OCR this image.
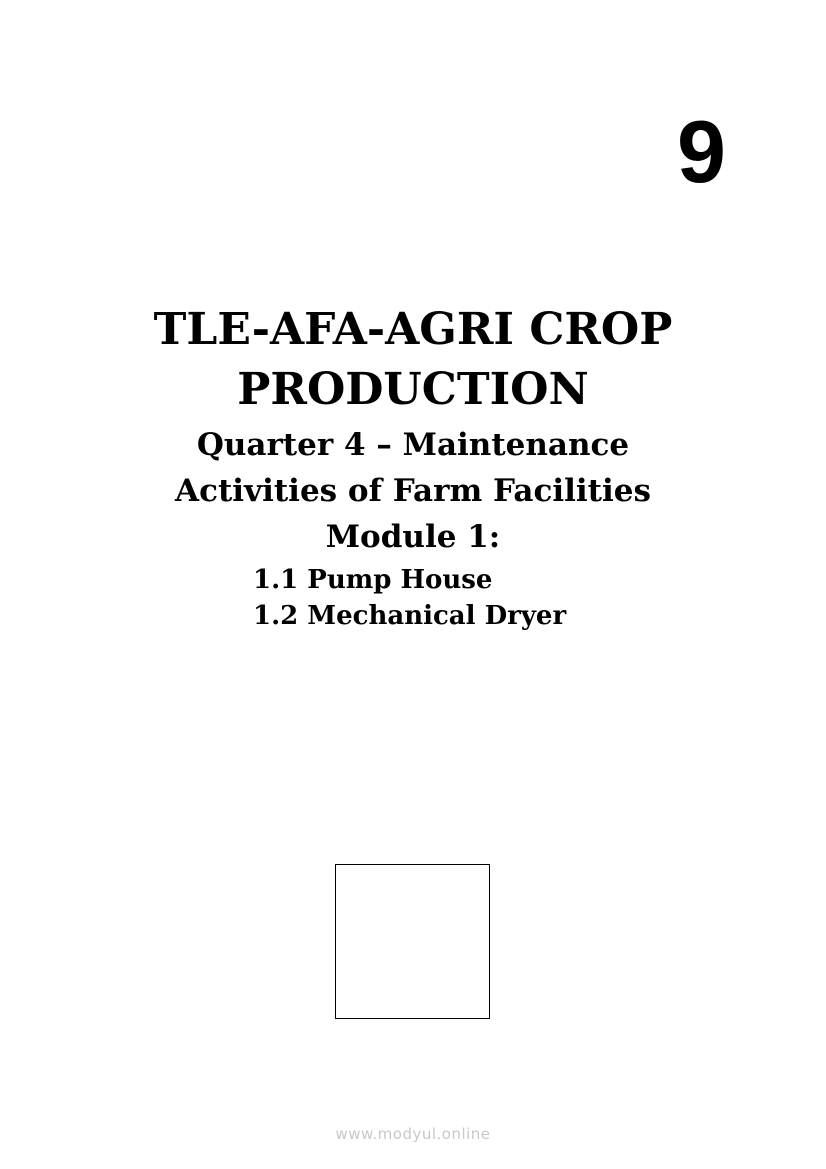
9
TLE-AFA-AGRI CROP
PRODUCTION
Quarter 4 – Maintenance
Activities of Farm Facilities
Module 1:
1.1 Pump House
1.2 Mechanical Dryer
www.modyul.online
